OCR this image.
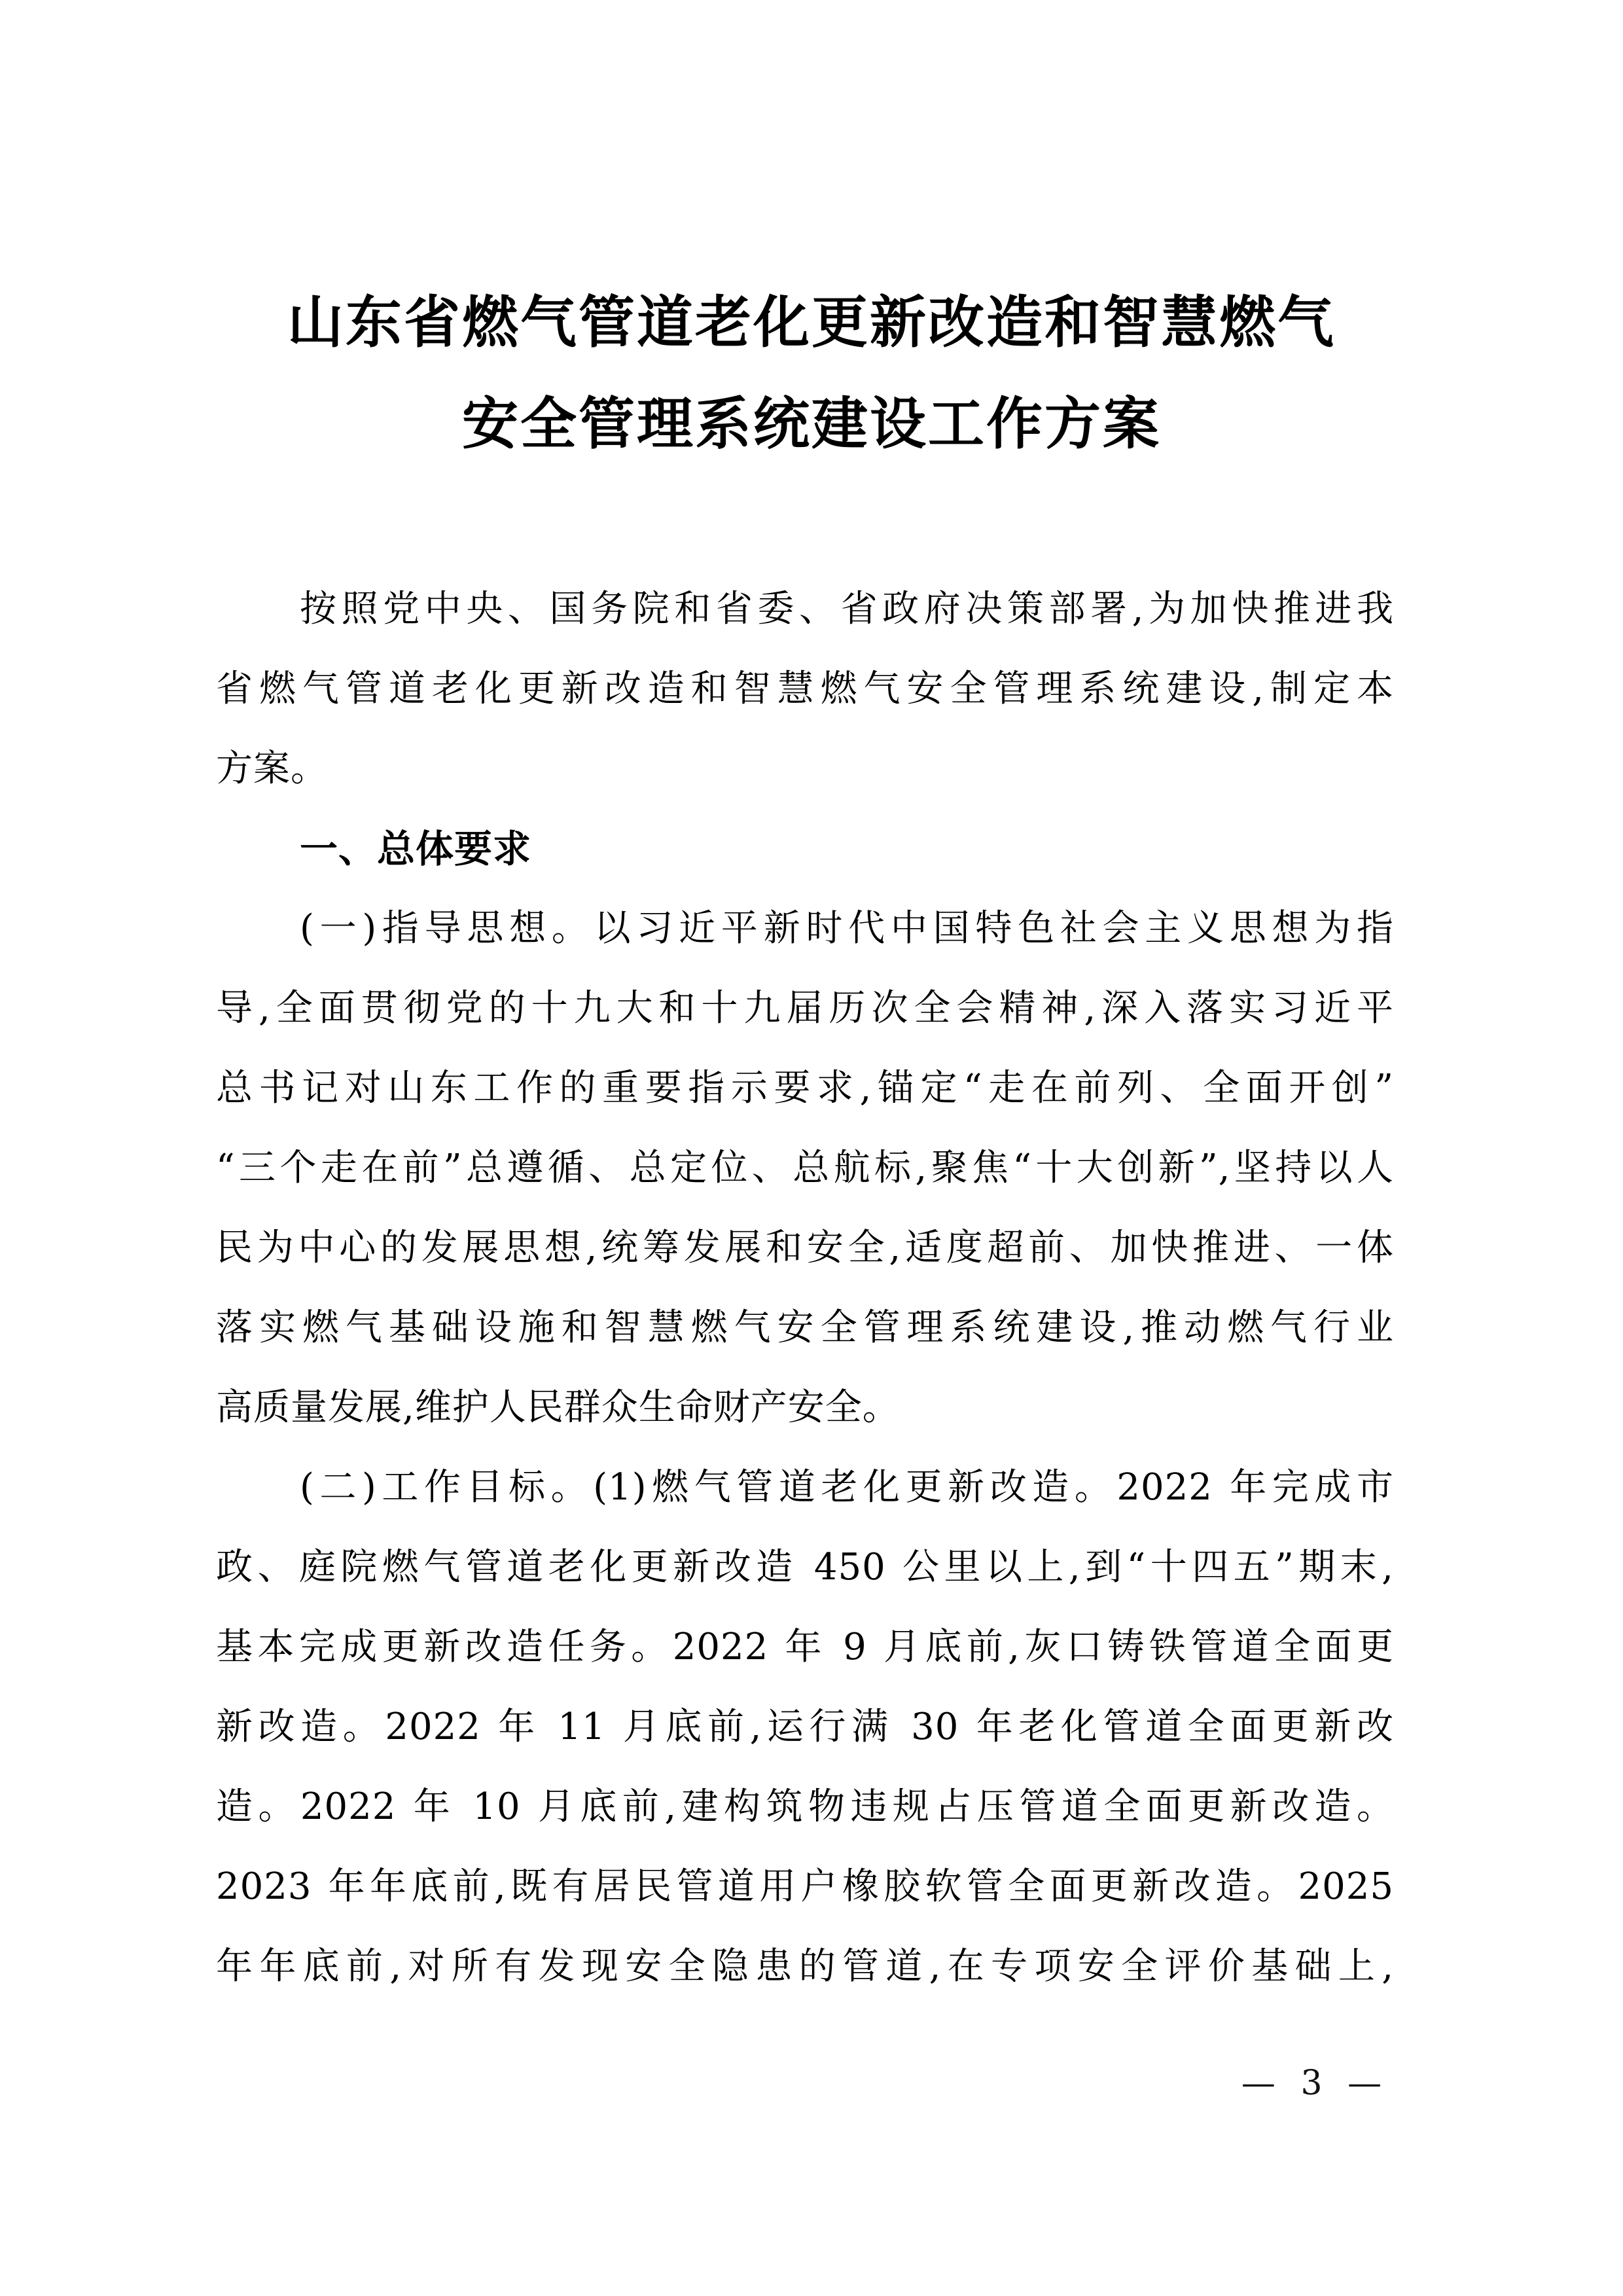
山东省燃气管道老化更新改造和智慧燃气
安全管理系统建设工作方案
按照党中央、国务院和省委、省政府决策部署,为加快推进我
省燃气管道老化更新改造和智慧燃气安全管理系统建设,制定本
方案。
一、总体要求
(一)指导思想。以习近平新时代中国特色社会主义思想为指
导,全面贯彻党的十九大和十九届历次全会精神,深入落实习近平
总书记对山东工作的重要指示要求,锚定“走在前列、全面开创”
“三个走在前”总遵循、总定位、总航标,聚焦“十大创新”,坚持以人
民为中心的发展思想,统筹发展和安全,适度超前、加快推进、一体
落实燃气基础设施和智慧燃气安全管理系统建设,推动燃气行业
高质量发展,维护人民群众生命财产安全。
(二)工作目标。(1)燃气管道老化更新改造。2022 年完成市
政、庭院燃气管道老化更新改造 450 公里以上,到“十四五”期末,
基本完成更新改造任务。2022 年 9 月底前,灰口铸铁管道全面更
新改造。2022 年 11 月底前,运行满 30 年老化管道全面更新改
造。2022 年 10 月底前,建构筑物违规占压管道全面更新改造。
2023 年年底前,既有居民管道用户橡胶软管全面更新改造。2025
年年底前,对所有发现安全隐患的管道,在专项安全评价基础上,
— 3 —
